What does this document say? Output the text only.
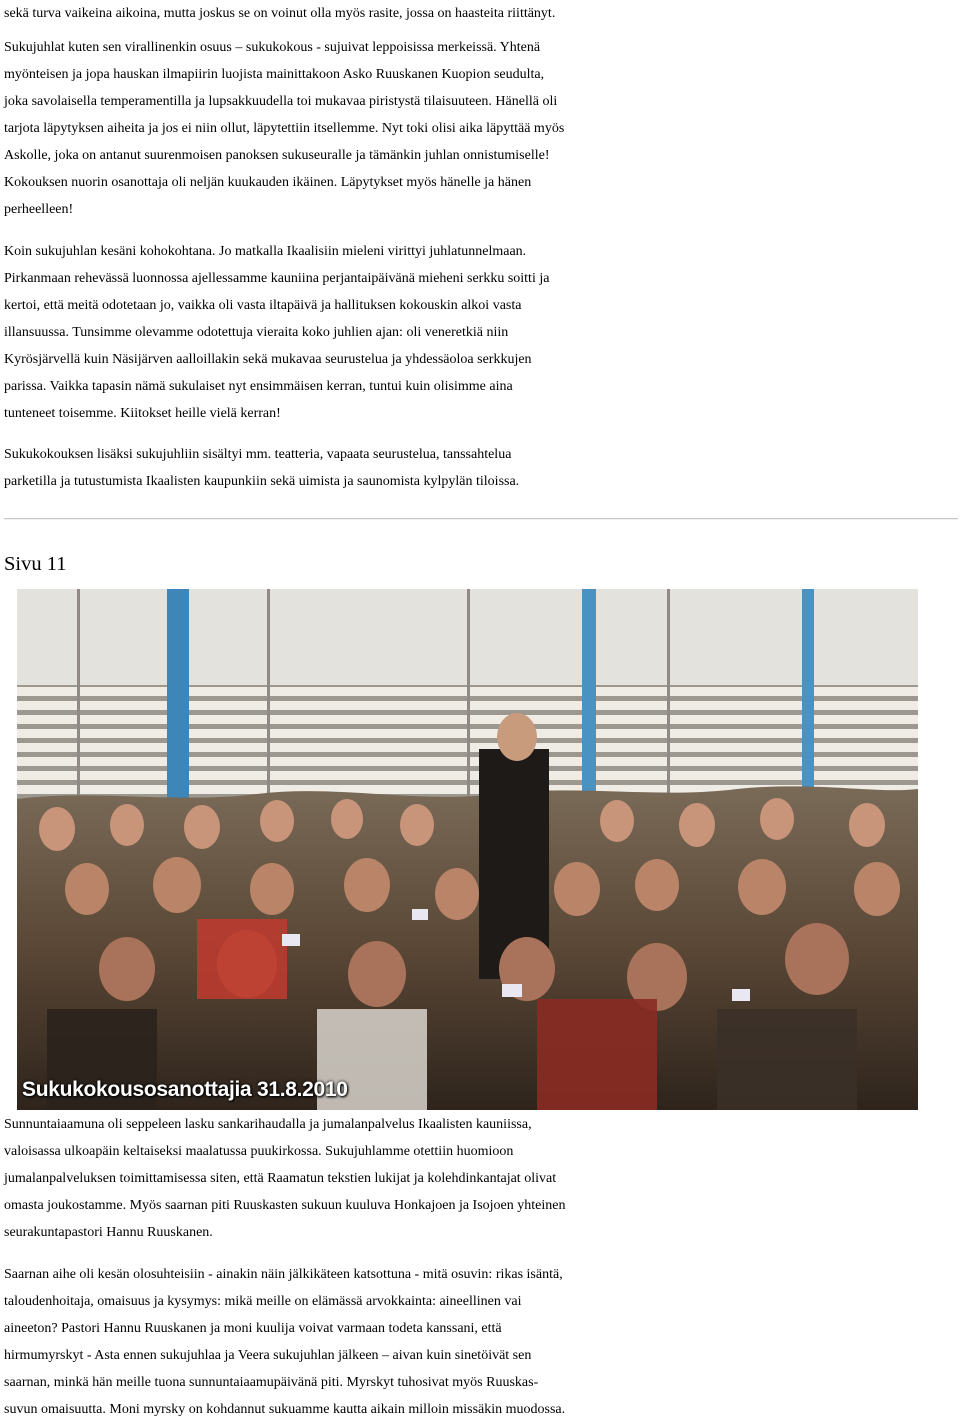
sekä turva vaikeina aikoina, mutta joskus se on voinut olla myös rasite, jossa on haasteita riittänyt.
Sukujuhlat kuten sen virallinenkin osuus – sukukokous - sujuivat leppoisissa merkeissä. Yhtenä
myönteisen ja jopa hauskan ilmapiirin luojista mainittakoon Asko Ruuskanen Kuopion seudulta,
joka savolaisella temperamentilla ja lupsakkuudella toi mukavaa piristystä tilaisuuteen. Hänellä oli
tarjota läpytyksen aiheita ja jos ei niin ollut, läpytettiin itsellemme. Nyt toki olisi aika läpyttää myös
Askolle, joka on antanut suurenmoisen panoksen sukuseuralle ja tämänkin juhlan onnistumiselle!
Kokouksen nuorin osanottaja oli neljän kuukauden ikäinen. Läpytykset myös hänelle ja hänen
perheelleen!
Koin sukujuhlan kesäni kohokohtana. Jo matkalla Ikaalisiin mieleni virittyi juhlatunnelmaan.
Pirkanmaan rehevässä luonnossa ajellessamme kauniina perjantaipäivänä mieheni serkku soitti ja
kertoi, että meitä odotetaan jo, vaikka oli vasta iltapäivä ja hallituksen kokouskin alkoi vasta
illansuussa. Tunsimme olevamme odotettuja vieraita koko juhlien ajan: oli veneretkiä niin
Kyrösjärvellä kuin Näsijärven aalloillakin sekä mukavaa seurustelua ja yhdessäoloa serkkujen
parissa. Vaikka tapasin nämä sukulaiset nyt ensimmäisen kerran, tuntui kuin olisimme aina
tunteneet toisemme. Kiitokset heille vielä kerran!
Sukukokouksen lisäksi sukujuhliin sisältyi mm. teatteria, vapaata seurustelua, tanssahtelua
parketilla ja tutustumista Ikaalisten kaupunkiin sekä uimista ja saunomista kylpylän tiloissa.
Sivu 11
Sukukokousosanottajia 31.8.2010
Sunnuntaiaamuna oli seppeleen lasku sankarihaudalla ja jumalanpalvelus Ikaalisten kauniissa,
valoisassa ulkoapäin keltaiseksi maalatussa puukirkossa. Sukujuhlamme otettiin huomioon
jumalanpalveluksen toimittamisessa siten, että Raamatun tekstien lukijat ja kolehdinkantajat olivat
omasta joukostamme. Myös saarnan piti Ruuskasten sukuun kuuluva Honkajoen ja Isojoen yhteinen
seurakuntapastori Hannu Ruuskanen.
Saarnan aihe oli kesän olosuhteisiin - ainakin näin jälkikäteen katsottuna - mitä osuvin: rikas isäntä,
taloudenhoitaja, omaisuus ja kysymys: mikä meille on elämässä arvokkainta: aineellinen vai
aineeton? Pastori Hannu Ruuskanen ja moni kuulija voivat varmaan todeta kanssani, että
hirmumyrskyt - Asta ennen sukujuhlaa ja Veera sukujuhlan jälkeen – aivan kuin sinetöivät sen
saarnan, minkä hän meille tuona sunnuntaiaamupäivänä piti. Myrskyt tuhosivat myös Ruuskas-
suvun omaisuutta. Moni myrsky on kohdannut sukuamme kautta aikain milloin missäkin muodossa.
